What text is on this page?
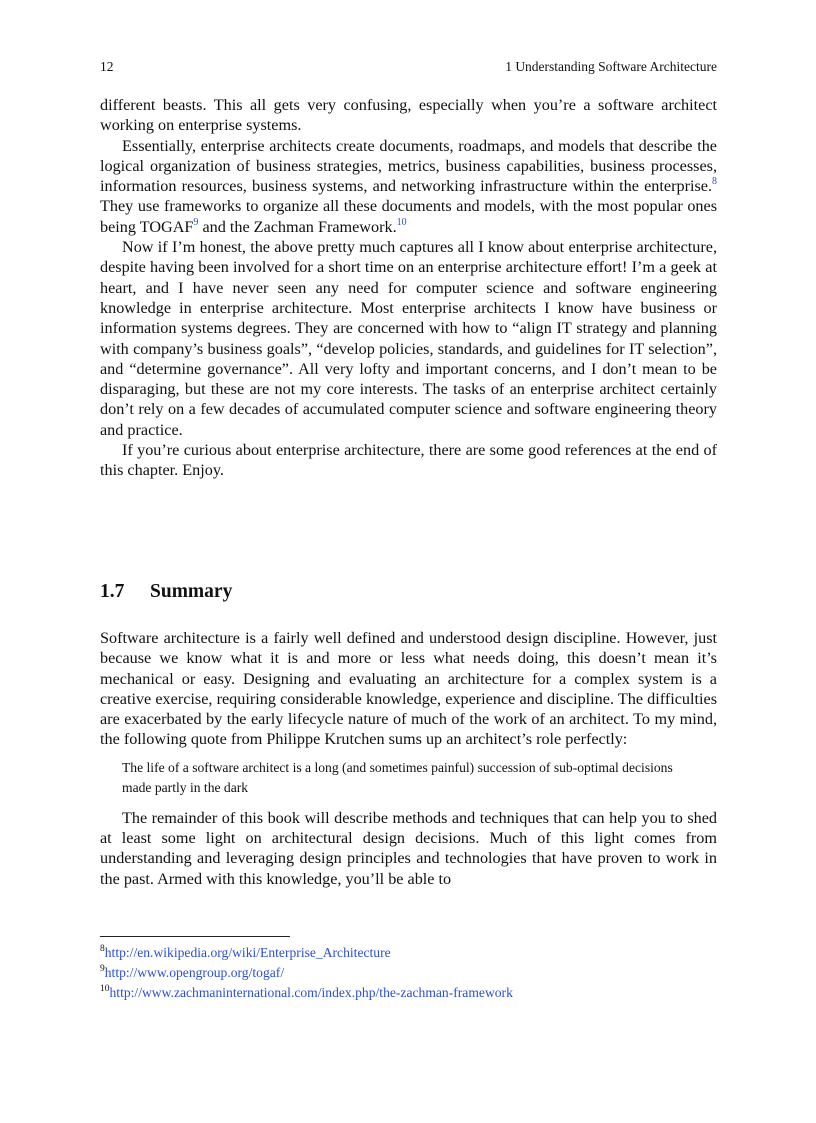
12	1 Understanding Software Architecture

different beasts. This all gets very confusing, especially when you’re a software architect working on enterprise systems.

Essentially, enterprise architects create documents, roadmaps, and models that describe the logical organization of business strategies, metrics, business capabilities, business processes, information resources, business systems, and networking infrastructure within the enterprise.$^8$ They use frameworks to organize all these documents and models, with the most popular ones being TOGAF$^9$ and the Zachman Framework.$^{10}$

Now if I’m honest, the above pretty much captures all I know about enterprise architecture, despite having been involved for a short time on an enterprise architecture effort! I’m a geek at heart, and I have never seen any need for computer science and software engineering knowledge in enterprise architecture. Most enterprise architects I know have business or information systems degrees. They are concerned with how to “align IT strategy and planning with company’s business goals”, “develop policies, standards, and guidelines for IT selection”, and “determine governance”. All very lofty and important concerns, and I don’t mean to be disparaging, but these are not my core interests. The tasks of an enterprise architect certainly don’t rely on a few decades of accumulated computer science and software engineering theory and practice.

If you’re curious about enterprise architecture, there are some good references at the end of this chapter. Enjoy.

1.7 Summary

Software architecture is a fairly well defined and understood design discipline. However, just because we know what it is and more or less what needs doing, this doesn’t mean it’s mechanical or easy. Designing and evaluating an architecture for a complex system is a creative exercise, requiring considerable knowledge, experience and discipline. The difficulties are exacerbated by the early lifecycle nature of much of the work of an architect. To my mind, the following quote from Philippe Krutchen sums up an architect’s role perfectly:

The life of a software architect is a long (and sometimes painful) succession of sub-optimal decisions made partly in the dark

The remainder of this book will describe methods and techniques that can help you to shed at least some light on architectural design decisions. Much of this light comes from understanding and leveraging design principles and technologies that have proven to work in the past. Armed with this knowledge, you’ll be able to

$^8$http://en.wikipedia.org/wiki/Enterprise_Architecture
$^9$http://www.opengroup.org/togaf/
$^{10}$http://www.zachmaninternational.com/index.php/the-zachman-framework
